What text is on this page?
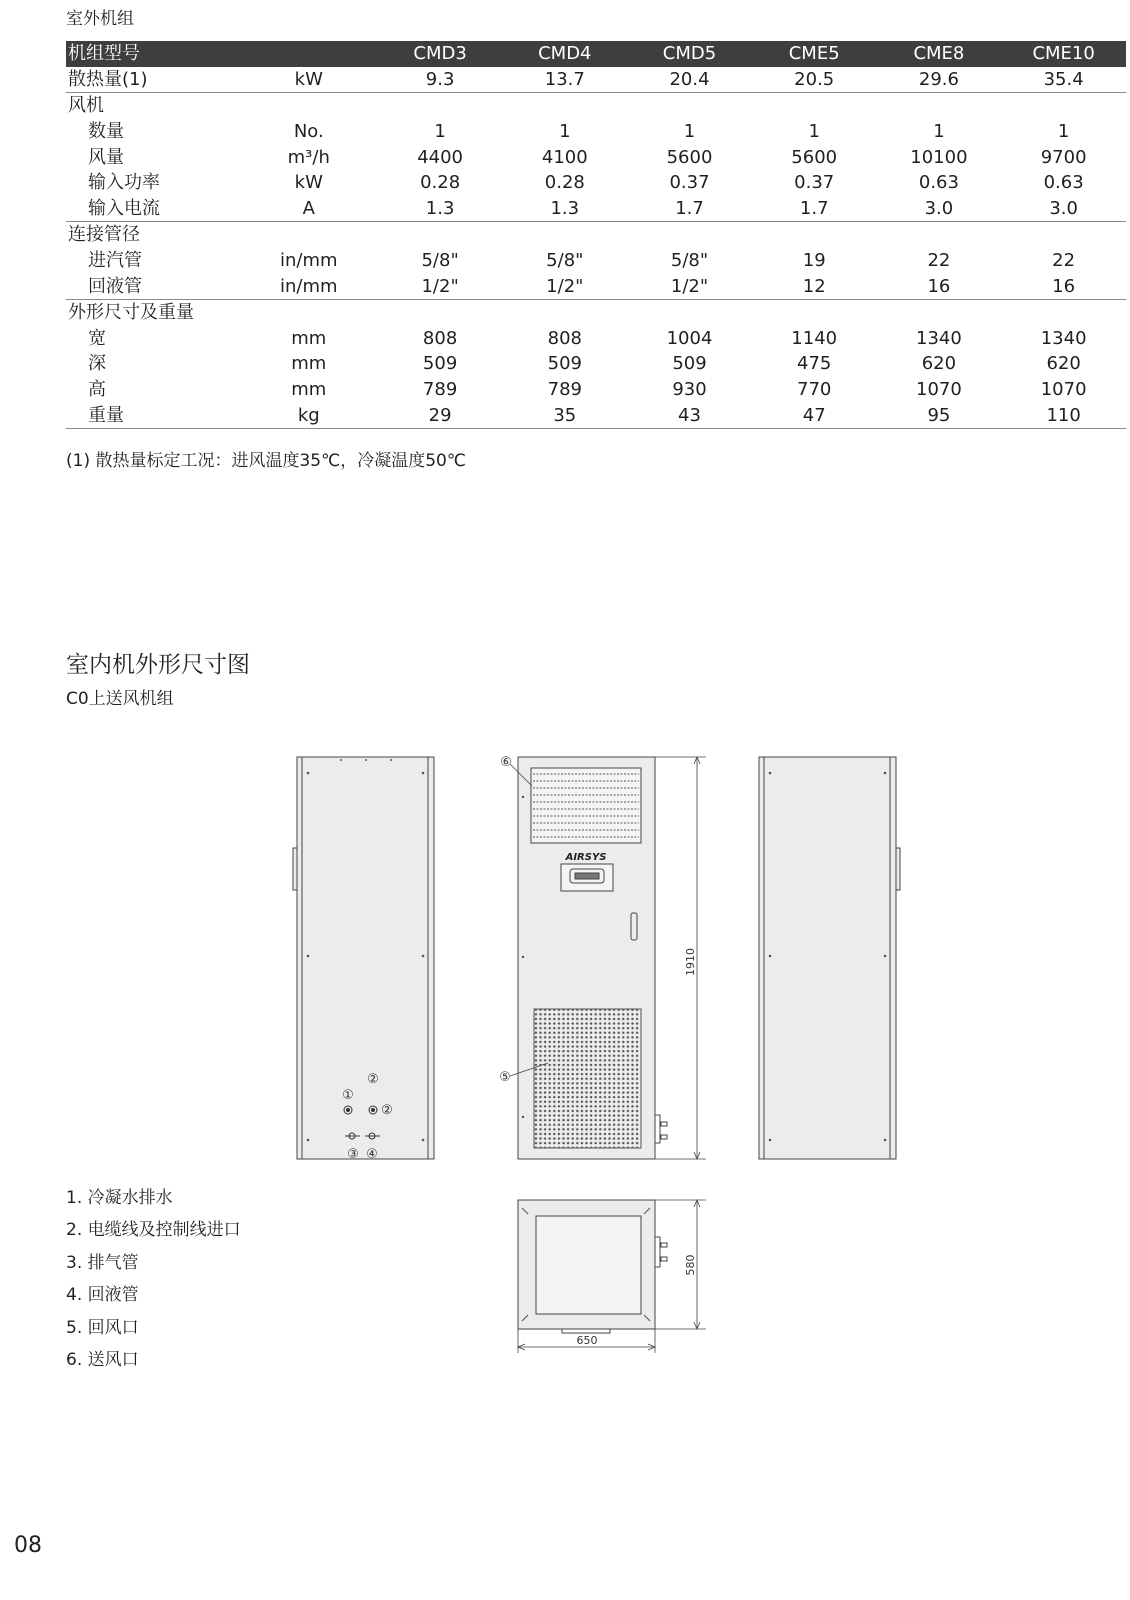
室外机组
机组型号		CMD3	CMD4	CMD5	CME5	CME8	CME10
散热量(1)	kW	9.3	13.7	20.4	20.5	29.6	35.4
风机							
数量	No.	1	1	1	1	1	1
风量	m³/h	4400	4100	5600	5600	10100	9700
输入功率	kW	0.28	0.28	0.37	0.37	0.63	0.63
输入电流	A	1.3	1.3	1.7	1.7	3.0	3.0
连接管径							
进汽管	in/mm	5/8"	5/8"	5/8"	19	22	22
回液管	in/mm	1/2"	1/2"	1/2"	12	16	16
外形尺寸及重量							
宽	mm	808	808	1004	1140	1340	1340
深	mm	509	509	509	475	620	620
高	mm	789	789	930	770	1070	1070
重量	kg	29	35	43	47	95	110
(1) 散热量标定工况：进风温度35℃，冷凝温度50℃
室内机外形尺寸图
C0上送风机组
①
②
②
③ ④
AIRSYS
⑥
⑤
1910
580
650
1. 冷凝水排水
2. 电缆线及控制线进口
3. 排气管
4. 回液管
5. 回风口
6. 送风口
08
